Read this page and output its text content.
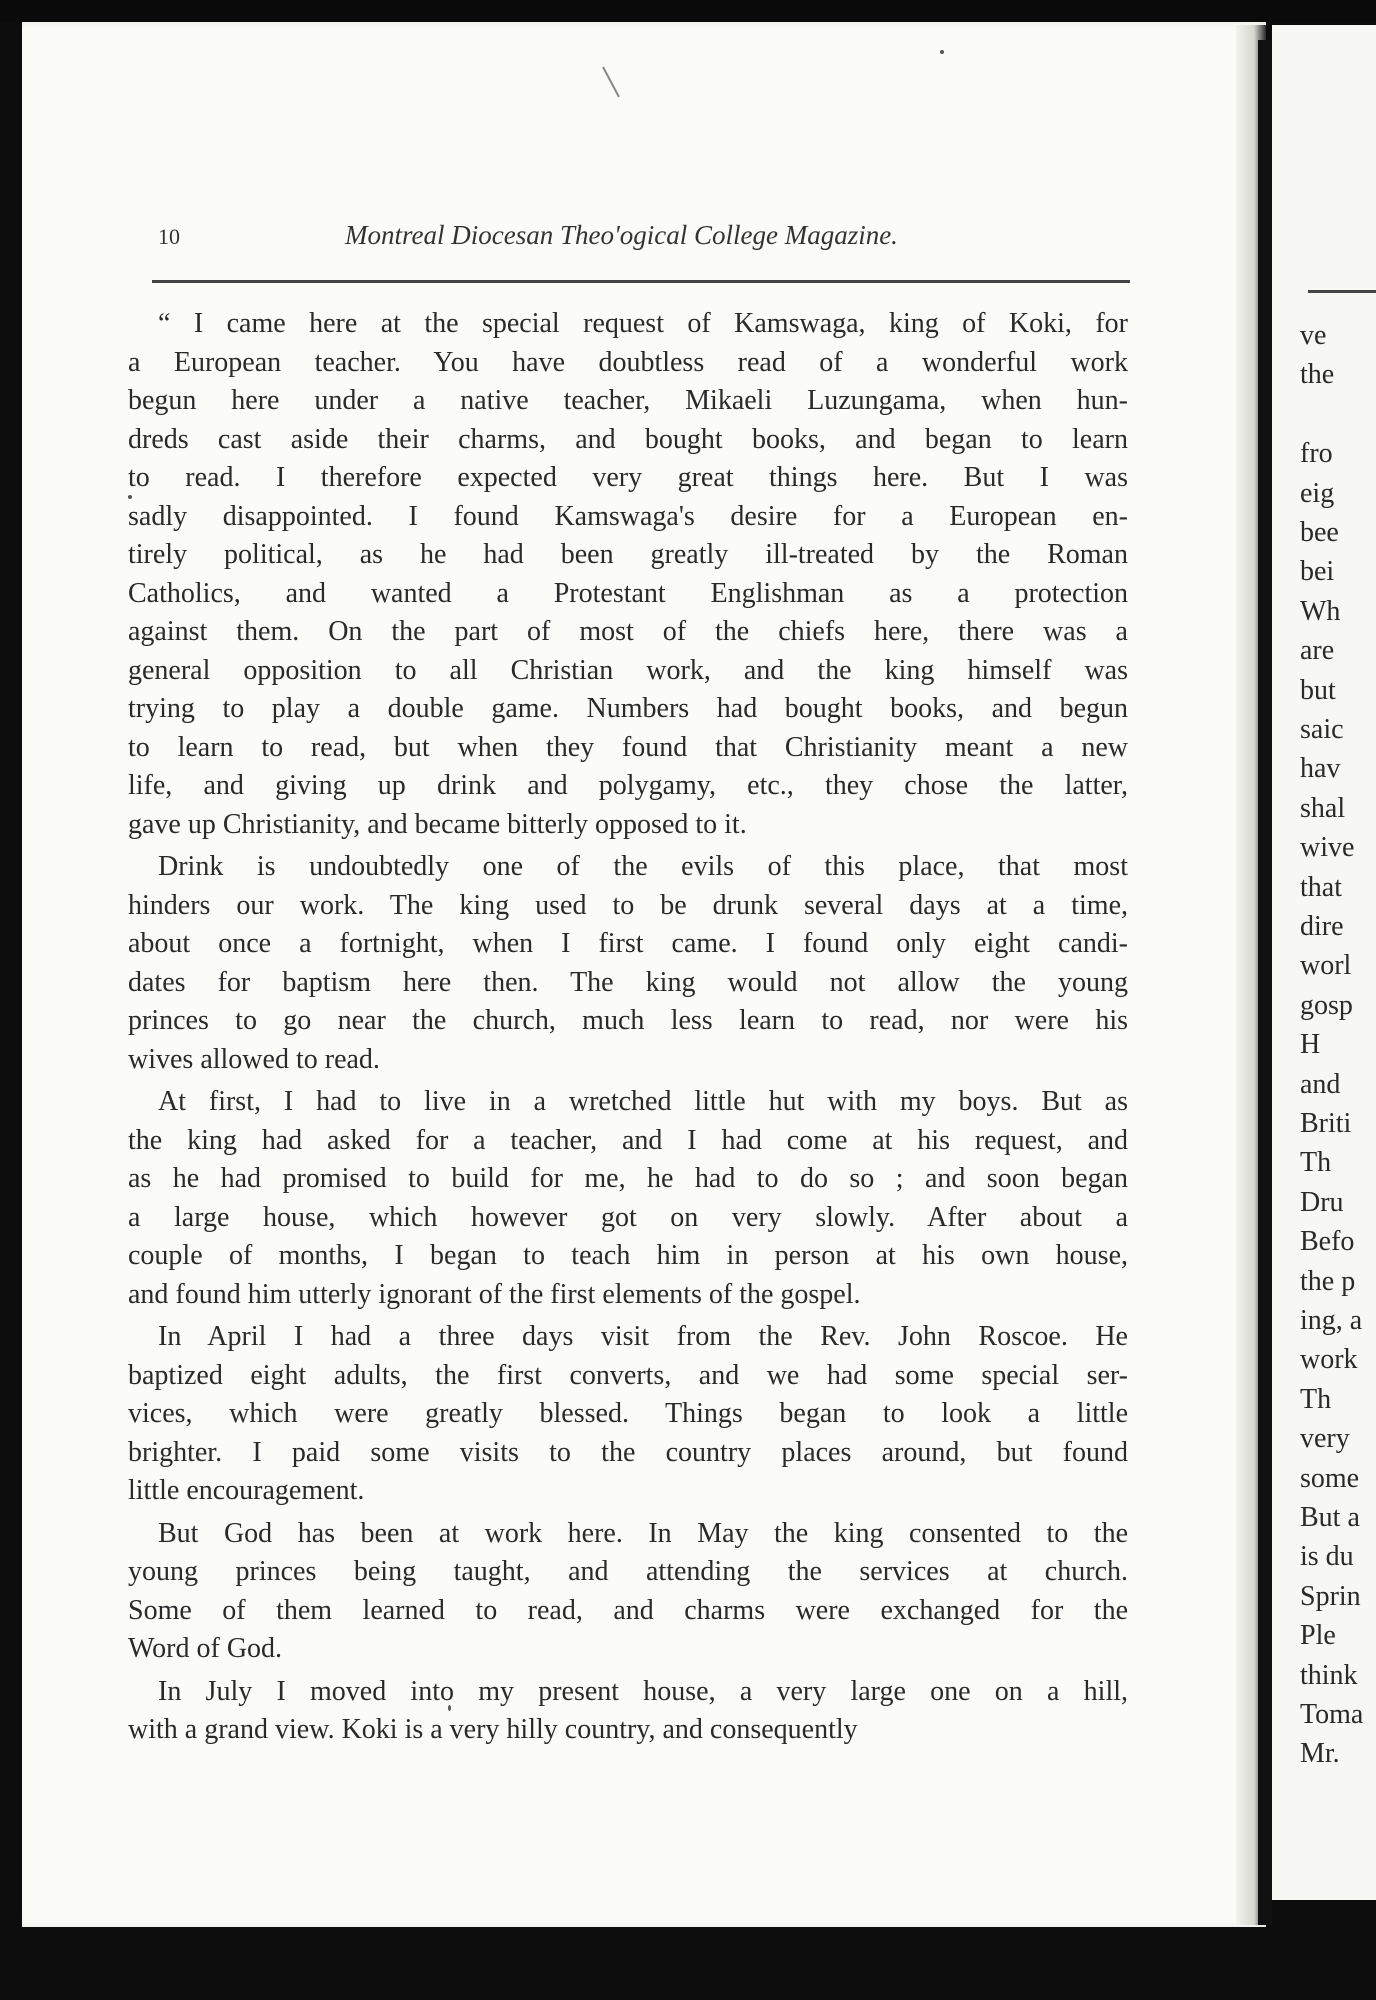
10	Montreal Diocesan Theo'ogical College Magazine.
“ I came here at the special request of Kamswaga, king of Koki, for
a European teacher. You have doubtless read of a wonderful work
begun here under a native teacher, Mikaeli Luzungama, when hun-
dreds cast aside their charms, and bought books, and began to learn
to read. I therefore expected very great things here. But I was
sadly disappointed. I found Kamswaga's desire for a European en-
tirely political, as he had been greatly ill-treated by the Roman
Catholics, and wanted a Protestant Englishman as a protection
against them. On the part of most of the chiefs here, there was a
general opposition to all Christian work, and the king himself was
trying to play a double game. Numbers had bought books, and begun
to learn to read, but when they found that Christianity meant a new
life, and giving up drink and polygamy, etc., they chose the latter,
gave up Christianity, and became bitterly opposed to it.
Drink is undoubtedly one of the evils of this place, that most
hinders our work. The king used to be drunk several days at a time,
about once a fortnight, when I first came. I found only eight candi-
dates for baptism here then. The king would not allow the young
princes to go near the church, much less learn to read, nor were his
wives allowed to read.
At first, I had to live in a wretched little hut with my boys. But as
the king had asked for a teacher, and I had come at his request, and
as he had promised to build for me, he had to do so ; and soon began
a large house, which however got on very slowly. After about a
couple of months, I began to teach him in person at his own house,
and found him utterly ignorant of the first elements of the gospel.
In April I had a three days visit from the Rev. John Roscoe. He
baptized eight adults, the first converts, and we had some special ser-
vices, which were greatly blessed. Things began to look a little
brighter. I paid some visits to the country places around, but found
little encouragement.
But God has been at work here. In May the king consented to the
young princes being taught, and attending the services at church.
Some of them learned to read, and charms were exchanged for the
Word of God.
In July I moved into my present house, a very large one on a hill,
with a grand view. Koki is a very hilly country, and consequently
ve
the
fro
eig
bee
bei
Wh
are
but
saic
hav
shal
wive
that
dire
worl
gosp
H
and
Briti
Th
Dru
Befo
the p
ing, a
work
Th
very
some
But a
is du
Sprin
Ple
think
Toma
Mr.
